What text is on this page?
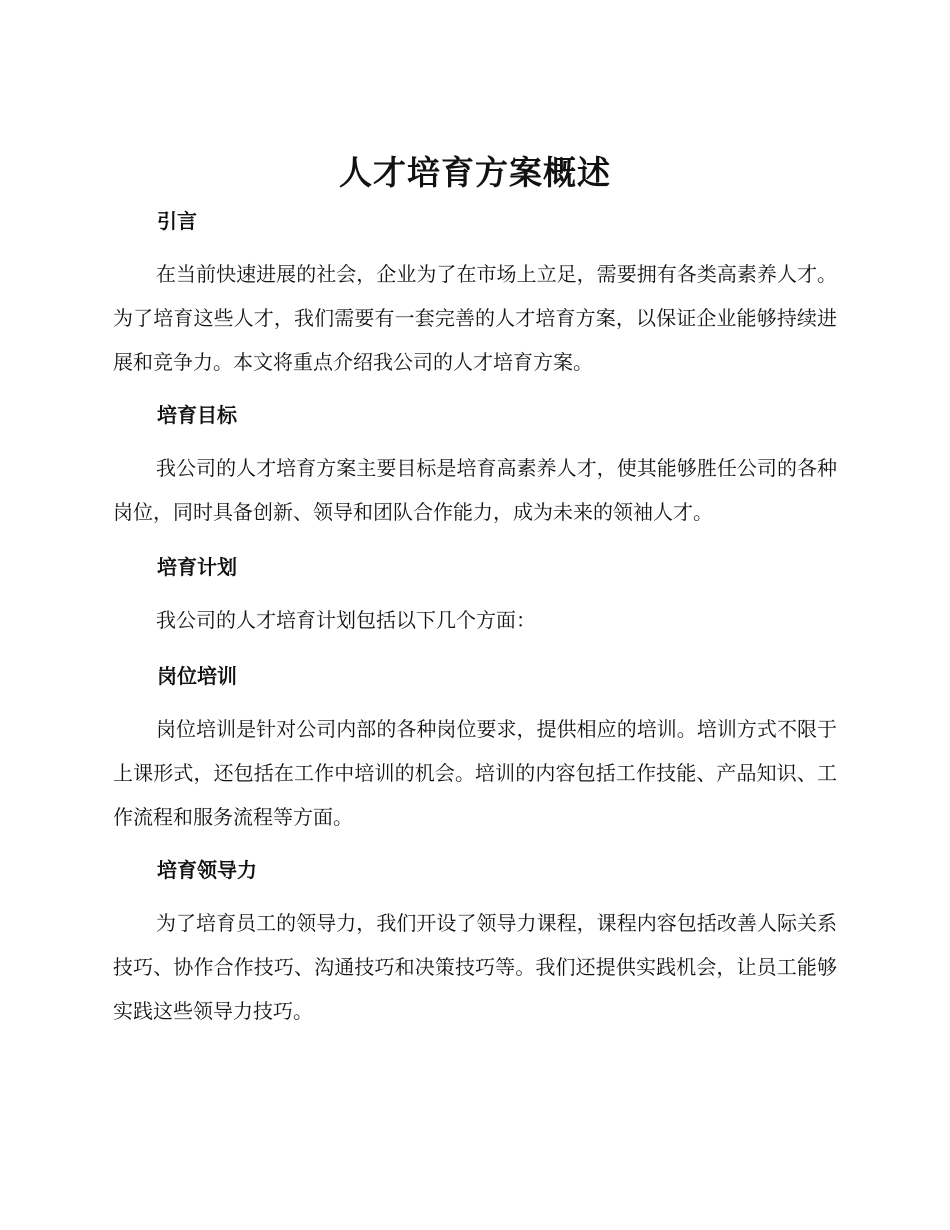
人才培育方案概述
引言

在当前快速进展的社会，企业为了在市场上立足，需要拥有各类高素养人才。为了培育这些人才，我们需要有一套完善的人才培育方案，以保证企业能够持续进展和竞争力。本文将重点介绍我公司的人才培育方案。

培育目标

我公司的人才培育方案主要目标是培育高素养人才，使其能够胜任公司的各种岗位，同时具备创新、领导和团队合作能力，成为未来的领袖人才。

培育计划

我公司的人才培育计划包括以下几个方面：

岗位培训

岗位培训是针对公司内部的各种岗位要求，提供相应的培训。培训方式不限于上课形式，还包括在工作中培训的机会。培训的内容包括工作技能、产品知识、工作流程和服务流程等方面。

培育领导力

为了培育员工的领导力，我们开设了领导力课程，课程内容包括改善人际关系技巧、协作合作技巧、沟通技巧和决策技巧等。我们还提供实践机会，让员工能够实践这些领导力技巧。
